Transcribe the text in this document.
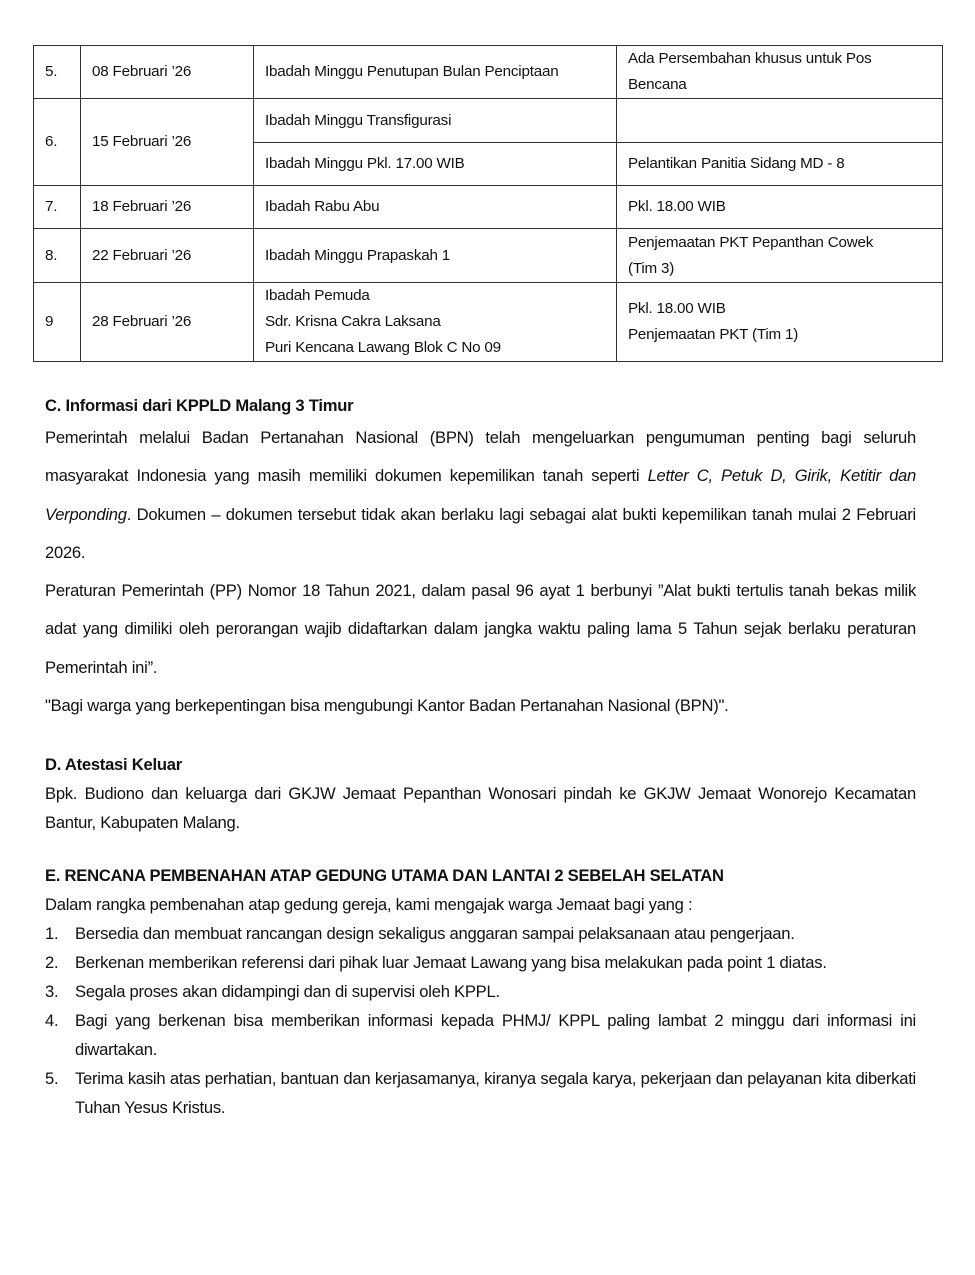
5.	08 Februari ’26	Ibadah Minggu Penutupan Bulan Penciptaan	Ada Persembahan khusus untuk Pos
Bencana

6.	15 Februari ’26	Ibadah Minggu Transfigurasi	

		Ibadah Minggu Pkl. 17.00 WIB	Pelantikan Panitia Sidang MD - 8

7.	18 Februari ’26	Ibadah Rabu Abu	Pkl. 18.00 WIB

8.	22 Februari ’26	Ibadah Minggu Prapaskah 1	Penjemaatan PKT Pepanthan Cowek
(Tim 3)

9	28 Februari ’26	Ibadah Pemuda
Sdr. Krisna Cakra Laksana
Puri Kencana Lawang Blok C No 09	Pkl. 18.00 WIB
Penjemaatan PKT (Tim 1)
C. Informasi dari KPPLD Malang 3 Timur
Pemerintah melalui Badan Pertanahan Nasional (BPN) telah mengeluarkan pengumuman penting bagi seluruh masyarakat Indonesia yang masih memiliki dokumen kepemilikan tanah seperti Letter C, Petuk D, Girik, Ketitir dan Verponding. Dokumen – dokumen tersebut tidak akan berlaku lagi sebagai alat bukti kepemilikan tanah mulai 2 Februari 2026.
Peraturan Pemerintah (PP) Nomor 18 Tahun 2021, dalam pasal 96 ayat 1 berbunyi ”Alat bukti tertulis tanah bekas milik adat yang dimiliki oleh perorangan wajib didaftarkan dalam jangka waktu paling lama 5 Tahun sejak berlaku peraturan Pemerintah ini”.
"Bagi warga yang berkepentingan bisa mengubungi Kantor Badan Pertanahan Nasional (BPN)".
D. Atestasi Keluar
Bpk. Budiono dan keluarga dari GKJW Jemaat Pepanthan Wonosari pindah ke GKJW Jemaat Wonorejo Kecamatan Bantur, Kabupaten Malang.
E. RENCANA PEMBENAHAN ATAP GEDUNG UTAMA DAN LANTAI 2 SEBELAH SELATAN
Dalam rangka pembenahan atap gedung gereja, kami mengajak warga Jemaat bagi yang :
1. Bersedia dan membuat rancangan design sekaligus anggaran sampai pelaksanaan atau pengerjaan.
2. Berkenan memberikan referensi dari pihak luar Jemaat Lawang yang bisa melakukan pada point 1 diatas.
3. Segala proses akan didampingi dan di supervisi oleh KPPL.
4. Bagi yang berkenan bisa memberikan informasi kepada PHMJ/ KPPL paling lambat 2 minggu dari informasi ini diwartakan.
5. Terima kasih atas perhatian, bantuan dan kerjasamanya, kiranya segala karya, pekerjaan dan pelayanan kita diberkati Tuhan Yesus Kristus.
